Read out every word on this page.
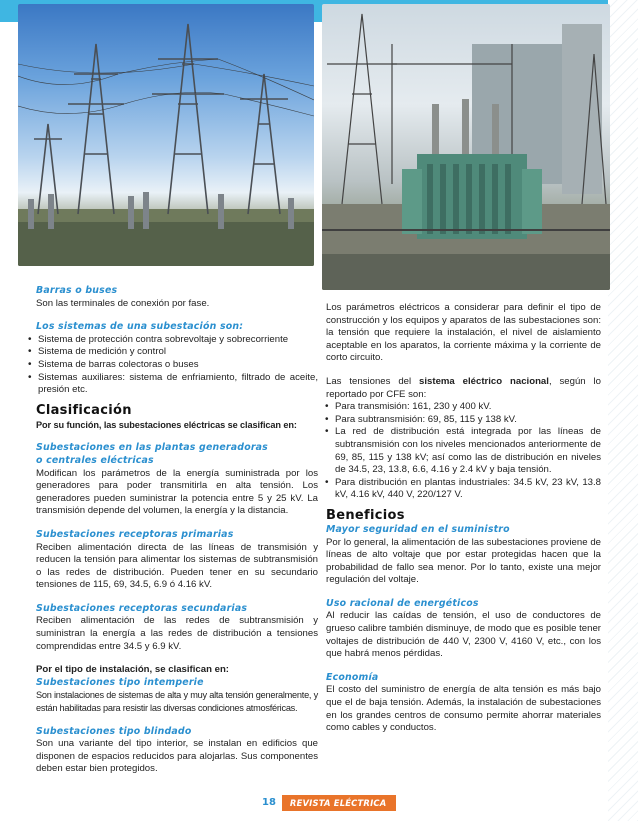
Barras o buses
Son las terminales de conexión por fase.
Los sistemas de una subestación son:
• Sistema de protección contra sobrevoltaje y sobrecorriente
• Sistema de medición y control
• Sistema de barras colectoras o buses
• Sistemas auxiliares: sistema de enfriamiento, filtrado de aceite, presión etc.
Clasificación
Por su función, las subestaciones eléctricas se clasifican en:
Subestaciones en las plantas generadoras
o centrales eléctricas
Modifican los parámetros de la energía suministrada por los generadores para poder transmitirla en alta tensión. Los generadores pueden suministrar la potencia entre 5 y 25 kV. La transmisión depende del volumen, la energía y la distancia.
Subestaciones receptoras primarias
Reciben alimentación directa de las líneas de transmisión y reducen la tensión para alimentar los sistemas de subtransmisión o las redes de distribución. Pueden tener en su secundario tensiones de 115, 69, 34.5, 6.9 ó 4.16 kV.
Subestaciones receptoras secundarias
Reciben alimentación de las redes de subtransmisión y suministran la energía a las redes de distribución a tensiones comprendidas entre 34.5 y 6.9 kV.
Por el tipo de instalación, se clasifican en:
Subestaciones tipo intemperie
Son instalaciones de sistemas de alta y muy alta tensión generalmente, y están habilitadas para resistir las diversas condiciones atmosféricas.
Subestaciones tipo blindado
Son una variante del tipo interior, se instalan en edificios que disponen de espacios reducidos para alojarlas. Sus componentes deben estar bien protegidos.
Los parámetros eléctricos a considerar para definir el tipo de construcción y los equipos y aparatos de las subestaciones son: la tensión que requiere la instalación, el nivel de aislamiento aceptable en los aparatos, la corriente máxima y la corriente de corto circuito.
Las tensiones del sistema eléctrico nacional, según lo reportado por CFE son:
• Para transmisión: 161, 230 y 400 kV.
• Para subtransmisión: 69, 85, 115 y 138 kV.
• La red de distribución está integrada por las líneas de subtransmisión con los niveles mencionados anteriormente de 69, 85, 115 y 138 kV; así como las de distribución en niveles de 34.5, 23, 13.8, 6.6, 4.16 y 2.4 kV y baja tensión.
• Para distribución en plantas industriales: 34.5 kV, 23 kV, 13.8 kV, 4.16 kV, 440 V, 220/127 V.
Beneficios
Mayor seguridad en el suministro
Por lo general, la alimentación de las subestaciones proviene de líneas de alto voltaje que por estar protegidas hacen que la probabilidad de fallo sea menor. Por lo tanto, existe una mejor regulación del voltaje.
Uso racional de energéticos
Al reducir las caídas de tensión, el uso de conductores de grueso calibre también disminuye, de modo que es posible tener voltajes de distribución de 440 V, 2300 V, 4160 V, etc., con los que habrá menos pérdidas.
Economía
El costo del suministro de energía de alta tensión es más bajo que el de baja tensión. Además, la instalación de subestaciones en los grandes centros de consumo permite ahorrar materiales como cables y conductos.
18	REVISTA ELÉCTRICA
